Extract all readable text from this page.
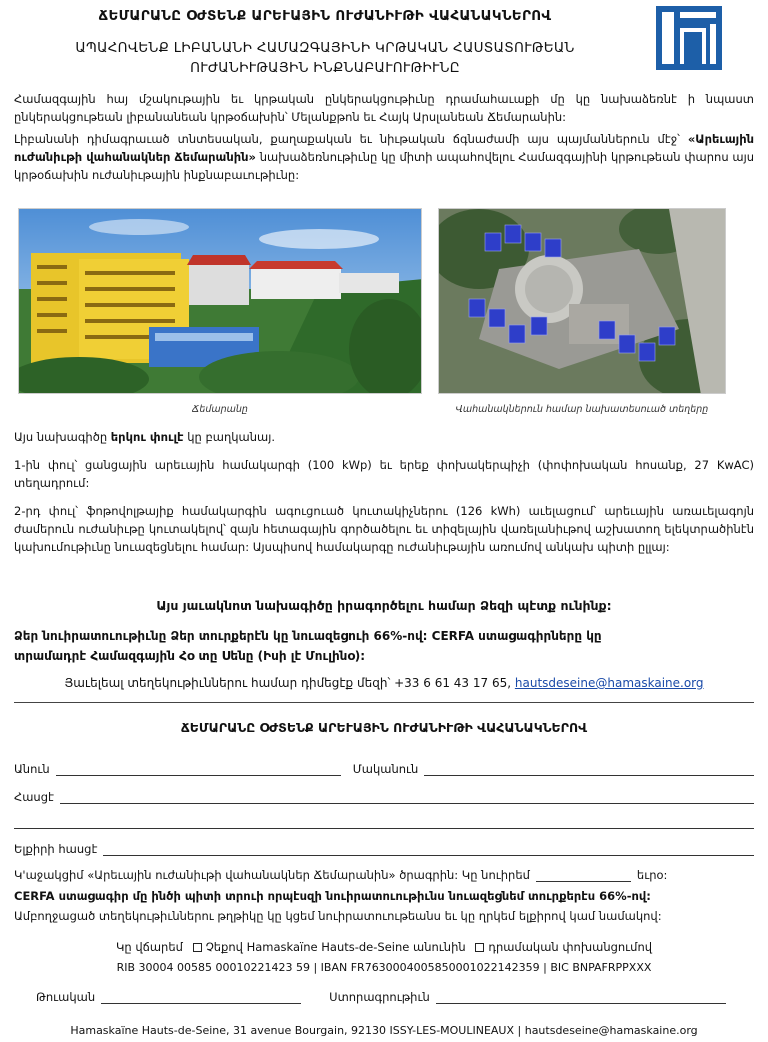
ՃԵՄԱՐԱՆԸ ՕԺՏԵՆՔ ԱՐԵՒԱՅԻՆ ՈՒԺԱՆԻՒԹԻ ՎԱՀԱՆԱԿՆԵՐՈՎ
ԱՊԱՀՈՎԵՆՔ ԼԻԲԱՆԱՆԻ ՀԱՄԱԶԳԱՅԻՆԻ ԿՐԹԱԿԱՆ ՀԱՍՏԱՏՈՒԹԵԱՆ
ՈՒԺԱՆԻՒԹԱՅԻՆ ԻՆՔՆԱԲԱՒՈՒԹԻՒՆԸ
Համազգային հայ մշակութային եւ կրթական ընկերակցութիւնը դրամահաւաքի մը կը նախաձեռնէ ի նպաստ ընկերակցութեան լիբանանեան կրթօճախին՝ Մելանքթոն եւ Հայկ Արսլանեան Ճեմարանին:
Լիբանանի դիմագրաւած տնտեսական, քաղաքական եւ նիւթական ճգնաժամի այս պայմաններուն մէջ՝ «Արեւային ուժանիւթի վահանակներ Ճեմարանին» նախաձեռնութիւնը կը միտի ապահովելու Համազգայինի կրթութեան փարոս այս կրթօճախին ուժանիւթային ինքնաբաւութիւնը:
Ճեմարանը	Վահանակներուն համար նախատեսուած տեղերը
Այս նախագիծը երկու փուլէ կը բաղկանայ.
1-ին փուլ՝ ցանցային արեւային համակարգի (100 kWp) եւ երեք փոխակերպիչի (փոփոխական հոսանք, 27 KwAC) տեղադրում:
2-րդ փուլ՝ ֆոթովոլթայիք համակարգին ագուցուած կուտակիչներու (126 kWh) աւելացում՝ արեւային առաւելագոյն ժամերուն ուժանիւթը կուտակելով՝ զայն հետագային գործածելու եւ տիզելային վառելանիւթով աշխատող ելեկտրածինէն կախումութիւնը նուազեցնելու համար: Այսպիսով համակարգը ուժանիւթային առումով անկախ պիտի ըլլայ:
Այս յաւակնոտ նախագիծը իրագործելու համար Ձեզի պէտք ունինք:
Ձեր նուիրատուութիւնը Ձեր տուրքերէն կը նուազեցուի 66%-ով: CERFA ստացագիրները կը
տրամադրէ Համազգային Հօ տը Սենը (Իսի լէ Մուլինօ):
Յաւելեալ տեղեկութիւններու համար դիմեցէք մեզի՝ +33 6 61 43 17 65, hautsdeseine@hamaskaine.org
ՃԵՄԱՐԱՆԸ ՕԺՏԵՆՔ ԱՐԵՒԱՅԻՆ ՈՒԺԱՆԻՒԹԻ ՎԱՀԱՆԱԿՆԵՐՈՎ
Անուն	Մականուն
Հասցէ
Ելքիրի հասցէ
Կ'աջակցիմ «Արեւային ուժանիւթի վահանակներ Ճեմարանին» ծրագրին: Կը նուիրեմ	եւրօ:
CERFA ստացագիր մը ինծի պիտի տրուի որպէսզի նուիրատուութիւնս նուազեցնեմ տուրքերէս 66%-ով:
Ամբողջացած տեղեկութիւններու թղթիկը կը կցեմ նուիրատուութեանս եւ կը ղրկեմ ելքիրով կամ նամակով:
Կը վճարեմ Չեքով Hamaskaïne Hauts-de-Seine անունին դրամական փոխանցումով
RIB 30004 00585 00010221423 59 | IBAN FR7630004005850001022142359 | BIC BNPAFRPPXXX
Թուական	Ստորագրութիւն
Hamaskaïne Hauts-de-Seine, 31 avenue Bourgain, 92130 ISSY-LES-MOULINEAUX | hautsdeseine@hamaskaine.org
